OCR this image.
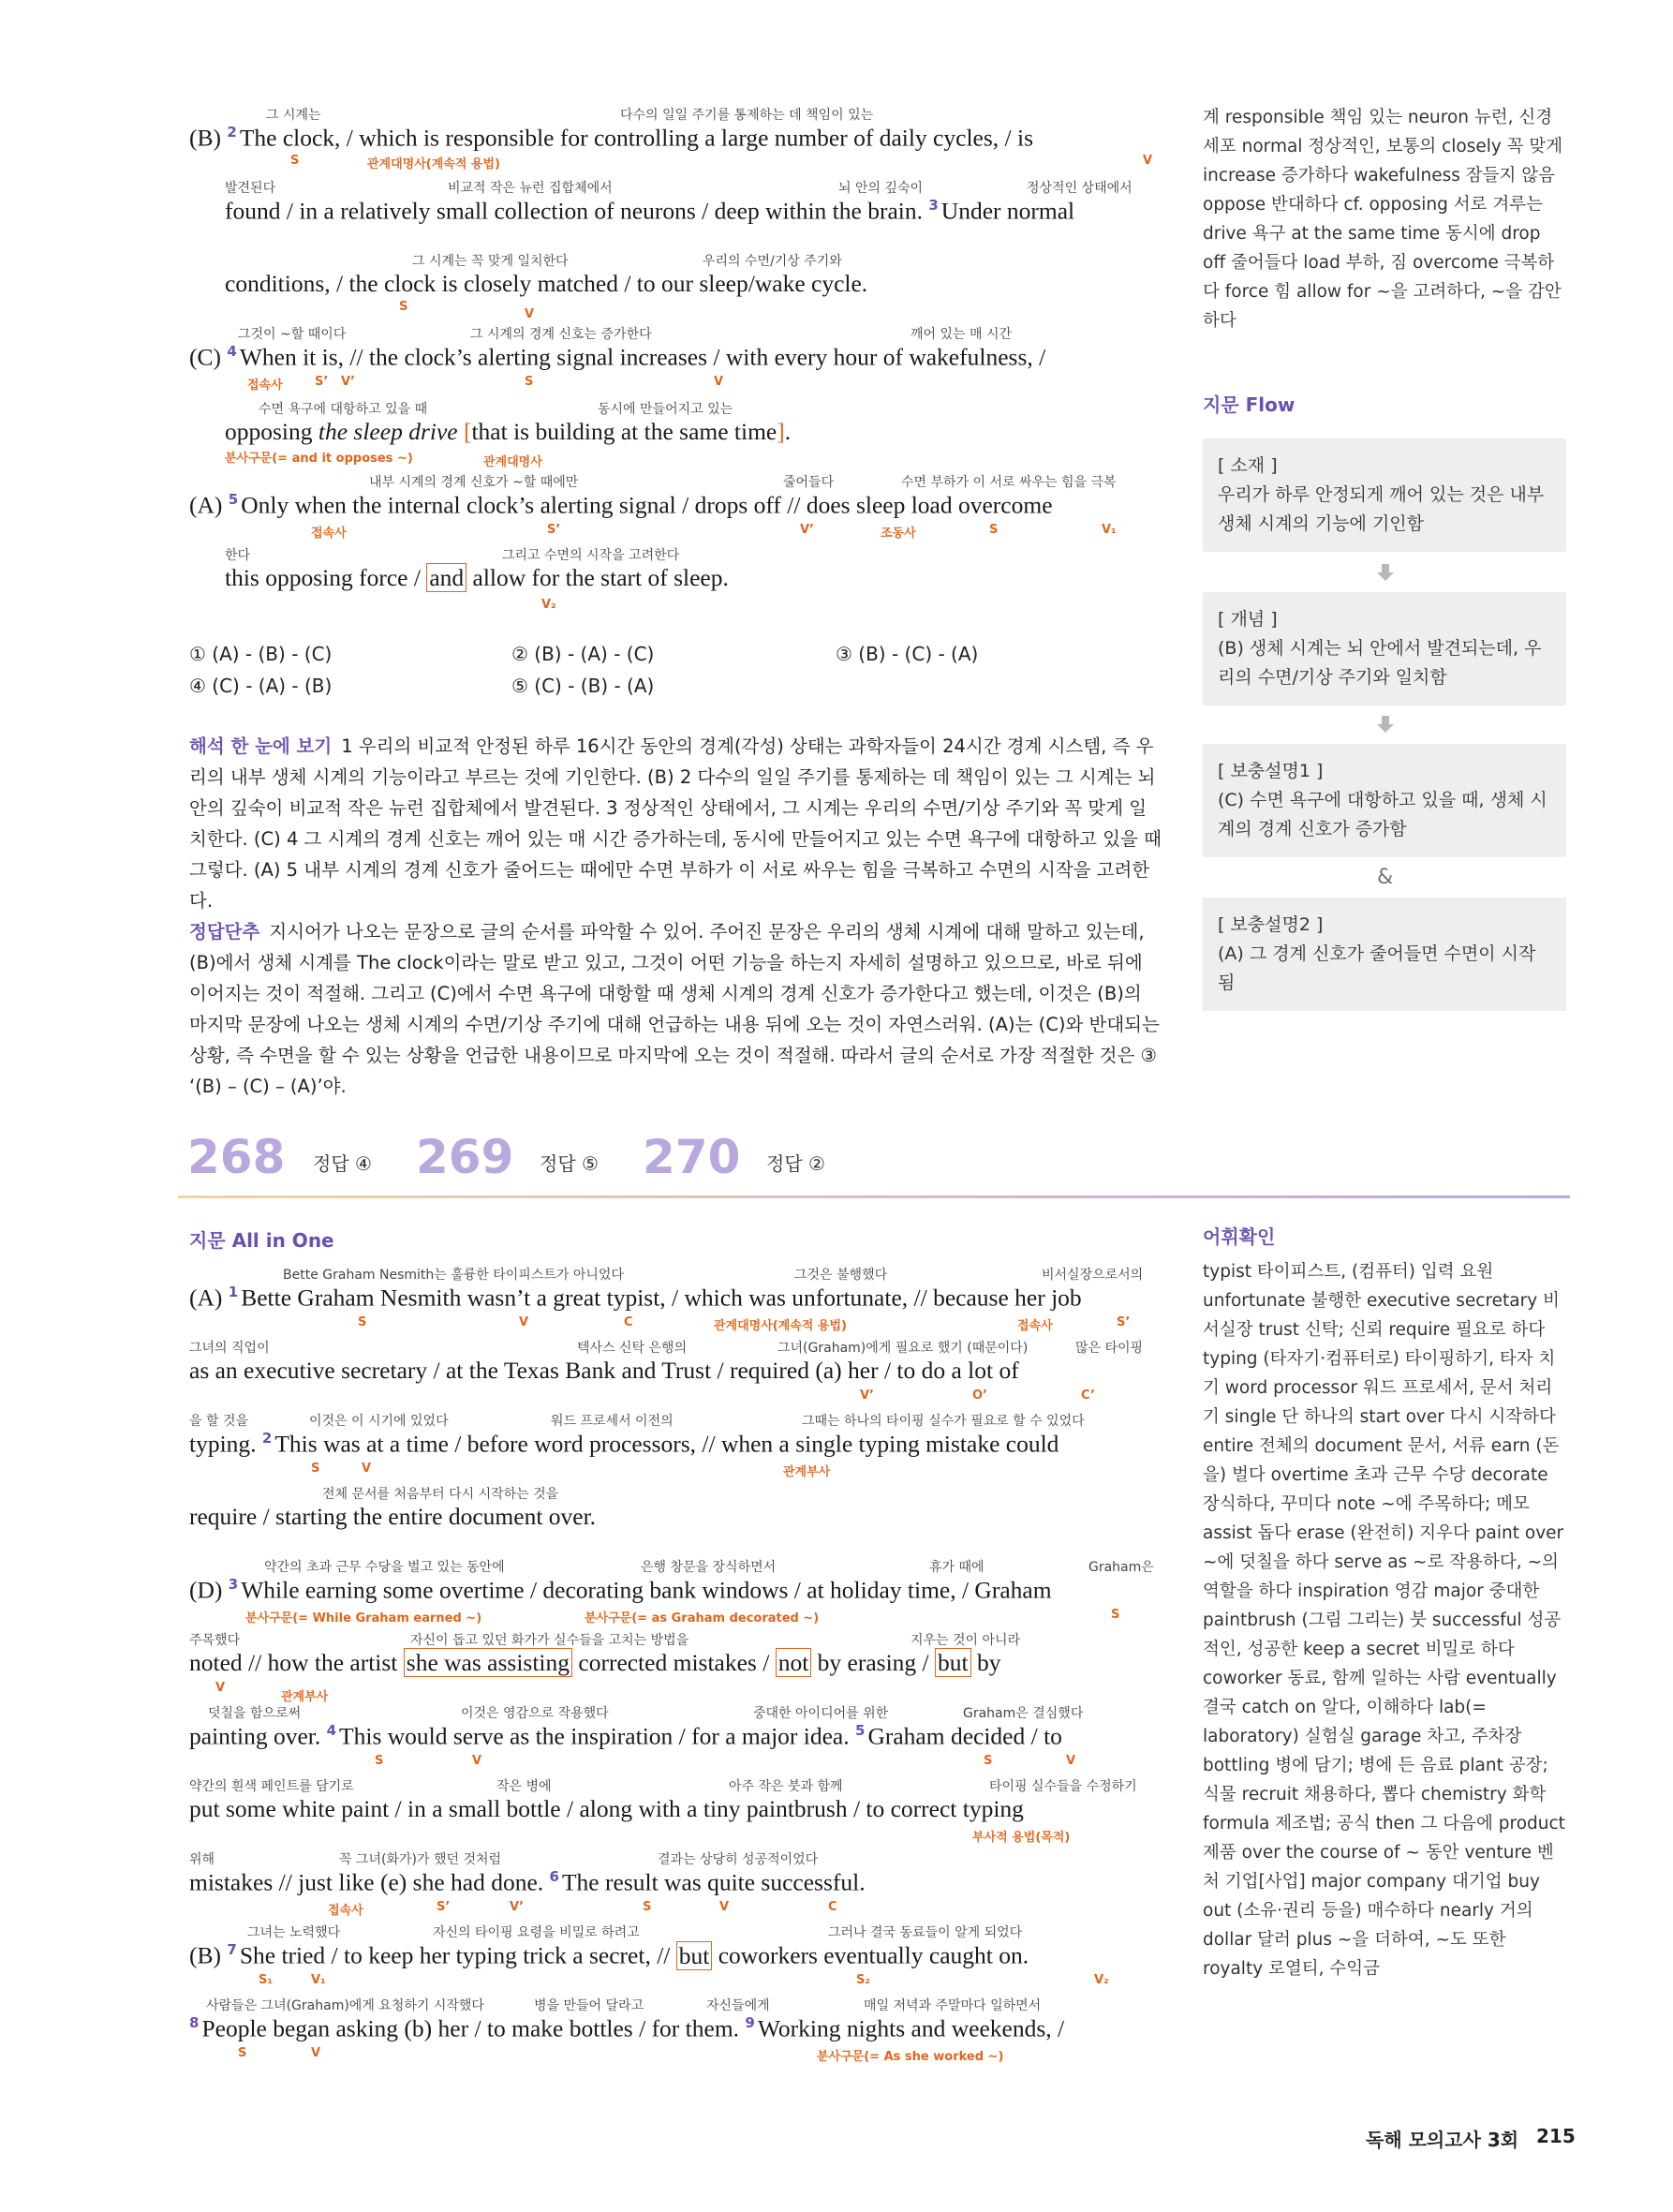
그 시계는	다수의 일일 주기를 통제하는 데 책임이 있는
(B) $^2$ The clock, / which is responsible for controlling a large number of daily cycles, / is
S	관계대명사(계속적 용법)	V
발견된다	비교적 작은 뉴런 집합체에서	뇌 안의 깊숙이	정상적인 상태에서
found / in a relatively small collection of neurons / deep within the brain. $^3$ Under normal
그 시계는 꼭 맞게 일치한다	우리의 수면/기상 주기와
conditions, / the clock is closely matched / to our sleep/wake cycle.
S
V
그것이 ~할 때이다	그 시계의 경계 신호는 증가한다	깨어 있는 매 시간
(C) $^4$ When it is, // the clock’s alerting signal increases / with every hour of wakefulness, /
접속사	S’ V’	S	V
수면 욕구에 대항하고 있을 때	동시에 만들어지고 있는
opposing the sleep drive [that is building at the same time].
분사구문(= and it opposes ~)	관계대명사
내부 시계의 경계 신호가 ~할 때에만	줄어들다	수면 부하가 이 서로 싸우는 힘을 극복
(A) $^5$ Only when the internal clock’s alerting signal / drops off // does sleep load overcome
접속사	S’	V’	조동사	S	V₁
한다	그리고 수면의 시작을 고려한다
this opposing force / and allow for the start of sleep.
V₂
① (A) - (B) - (C)	② (B) - (A) - (C)	③ (B) - (C) - (A)
④ (C) - (A) - (B)	⑤ (C) - (B) - (A)
해석 한 눈에 보기 1 우리의 비교적 안정된 하루 16시간 동안의 경계(각성) 상태는 과학자들이 24시간 경계 시스템, 즉 우리의 내부 생체 시계의 기능이라고 부르는 것에 기인한다. (B) 2 다수의 일일 주기를 통제하는 데 책임이 있는 그 시계는 뇌 안의 깊숙이 비교적 작은 뉴런 집합체에서 발견된다. 3 정상적인 상태에서, 그 시계는 우리의 수면/기상 주기와 꼭 맞게 일치한다. (C) 4 그 시계의 경계 신호는 깨어 있는 매 시간 증가하는데, 동시에 만들어지고 있는 수면 욕구에 대항하고 있을 때 그렇다. (A) 5 내부 시계의 경계 신호가 줄어드는 때에만 수면 부하가 이 서로 싸우는 힘을 극복하고 수면의 시작을 고려한다.
정답단추 지시어가 나오는 문장으로 글의 순서를 파악할 수 있어. 주어진 문장은 우리의 생체 시계에 대해 말하고 있는데, (B)에서 생체 시계를 The clock이라는 말로 받고 있고, 그것이 어떤 기능을 하는지 자세히 설명하고 있으므로, 바로 뒤에 이어지는 것이 적절해. 그리고 (C)에서 수면 욕구에 대항할 때 생체 시계의 경계 신호가 증가한다고 했는데, 이것은 (B)의 마지막 문장에 나오는 생체 시계의 수면/기상 주기에 대해 언급하는 내용 뒤에 오는 것이 자연스러워. (A)는 (C)와 반대되는 상황, 즉 수면을 할 수 있는 상황을 언급한 내용이므로 마지막에 오는 것이 적절해. 따라서 글의 순서로 가장 적절한 것은 ③ ‘(B) – (C) – (A)’야.
계 responsible 책임 있는 neuron 뉴런, 신경 세포 normal 정상적인, 보통의 closely 꼭 맞게 increase 증가하다 wakefulness 잠들지 않음 oppose 반대하다 cf. opposing 서로 겨루는 drive 욕구 at the same time 동시에 drop off 줄어들다 load 부하, 짐 overcome 극복하다 force 힘 allow for ~을 고려하다, ~을 감안하다
지문 Flow
[ 소재 ]
우리가 하루 안정되게 깨어 있는 것은 내부 생체 시계의 기능에 기인함
[ 개념 ]
(B) 생체 시계는 뇌 안에서 발견되는데, 우리의 수면/기상 주기와 일치함
[ 보충설명1 ]
(C) 수면 욕구에 대항하고 있을 때, 생체 시계의 경계 신호가 증가함
&
[ 보충설명2 ]
(A) 그 경계 신호가 줄어들면 수면이 시작됨
268 정답 ④ 269 정답 ⑤ 270 정답 ②
지문 All in One
Bette Graham Nesmith는 훌륭한 타이피스트가 아니었다	그것은 불행했다	비서실장으로서의
(A) $^1$ Bette Graham Nesmith wasn’t a great typist, / which was unfortunate, // because her job
S	V	C	관계대명사(계속적 용법)	접속사	S’
그녀의 직업이	텍사스 신탁 은행의	그녀(Graham)에게 필요로 했기 (때문이다)	많은 타이핑
as an executive secretary / at the Texas Bank and Trust / required (a) her / to do a lot of
V’	O’	C’
을 할 것을	이것은 이 시기에 있었다	워드 프로세서 이전의	그때는 하나의 타이핑 실수가 필요로 할 수 있었다
typing. $^2$ This was at a time / before word processors, // when a single typing mistake could
S	V	관계부사
전체 문서를 처음부터 다시 시작하는 것을
require / starting the entire document over.
약간의 초과 근무 수당을 벌고 있는 동안에	은행 창문을 장식하면서	휴가 때에	Graham은
(D) $^3$ While earning some overtime / decorating bank windows / at holiday time, / Graham
분사구문(= While Graham earned ~)	분사구문(= as Graham decorated ~)	S
주목했다	자신이 돕고 있던 화가가 실수들을 고치는 방법을	지우는 것이 아니라
noted // how the artist she was assisting corrected mistakes / not by erasing / but by
V
관계부사
덧칠을 함으로써	이것은 영감으로 작용했다	중대한 아이디어를 위한	Graham은 결심했다
painting over. $^4$ This would serve as the inspiration / for a major idea. $^5$ Graham decided / to
S	V	S	V
약간의 흰색 페인트를 담기로	작은 병에	아주 작은 붓과 함께	타이핑 실수들을 수정하기
put some white paint / in a small bottle / along with a tiny paintbrush / to correct typing
부사적 용법(목적)
위해	꼭 그녀(화가)가 했던 것처럼	결과는 상당히 성공적이었다
mistakes // just like (e) she had done. $^6$ The result was quite successful.
접속사	S’	V’	S	V	C
그녀는 노력했다	자신의 타이핑 요령을 비밀로 하려고	그러나 결국 동료들이 알게 되었다
(B) $^7$ She tried / to keep her typing trick a secret, // but coworkers eventually caught on.
S₁	V₁	S₂	V₂
사람들은 그녀(Graham)에게 요청하기 시작했다	병을 만들어 달라고	자신들에게	매일 저녁과 주말마다 일하면서
$^8$ People began asking (b) her / to make bottles / for them. $^9$ Working nights and weekends, /
S	V	분사구문(= As she worked ~)
어휘확인
typist 타이피스트, (컴퓨터) 입력 요원 unfortunate 불행한 executive secretary 비서실장 trust 신탁; 신뢰 require 필요로 하다 typing (타자기·컴퓨터로) 타이핑하기, 타자 치기 word processor 워드 프로세서, 문서 처리기 single 단 하나의 start over 다시 시작하다 entire 전체의 document 문서, 서류 earn (돈을) 벌다 overtime 초과 근무 수당 decorate 장식하다, 꾸미다 note ~에 주목하다; 메모 assist 돕다 erase (완전히) 지우다 paint over ~에 덧칠을 하다 serve as ~로 작용하다, ~의 역할을 하다 inspiration 영감 major 중대한 paintbrush (그림 그리는) 붓 successful 성공적인, 성공한 keep a secret 비밀로 하다 coworker 동료, 함께 일하는 사람 eventually 결국 catch on 알다, 이해하다 lab(= laboratory) 실험실 garage 차고, 주차장 bottling 병에 담기; 병에 든 음료 plant 공장; 식물 recruit 채용하다, 뽑다 chemistry 화학 formula 제조법; 공식 then 그 다음에 product 제품 over the course of ~ 동안 venture 벤처 기업[사업] major company 대기업 buy out (소유·권리 등을) 매수하다 nearly 거의 dollar 달러 plus ~을 더하여, ~도 또한 royalty 로열티, 수익금
독해 모의고사 3회 215
